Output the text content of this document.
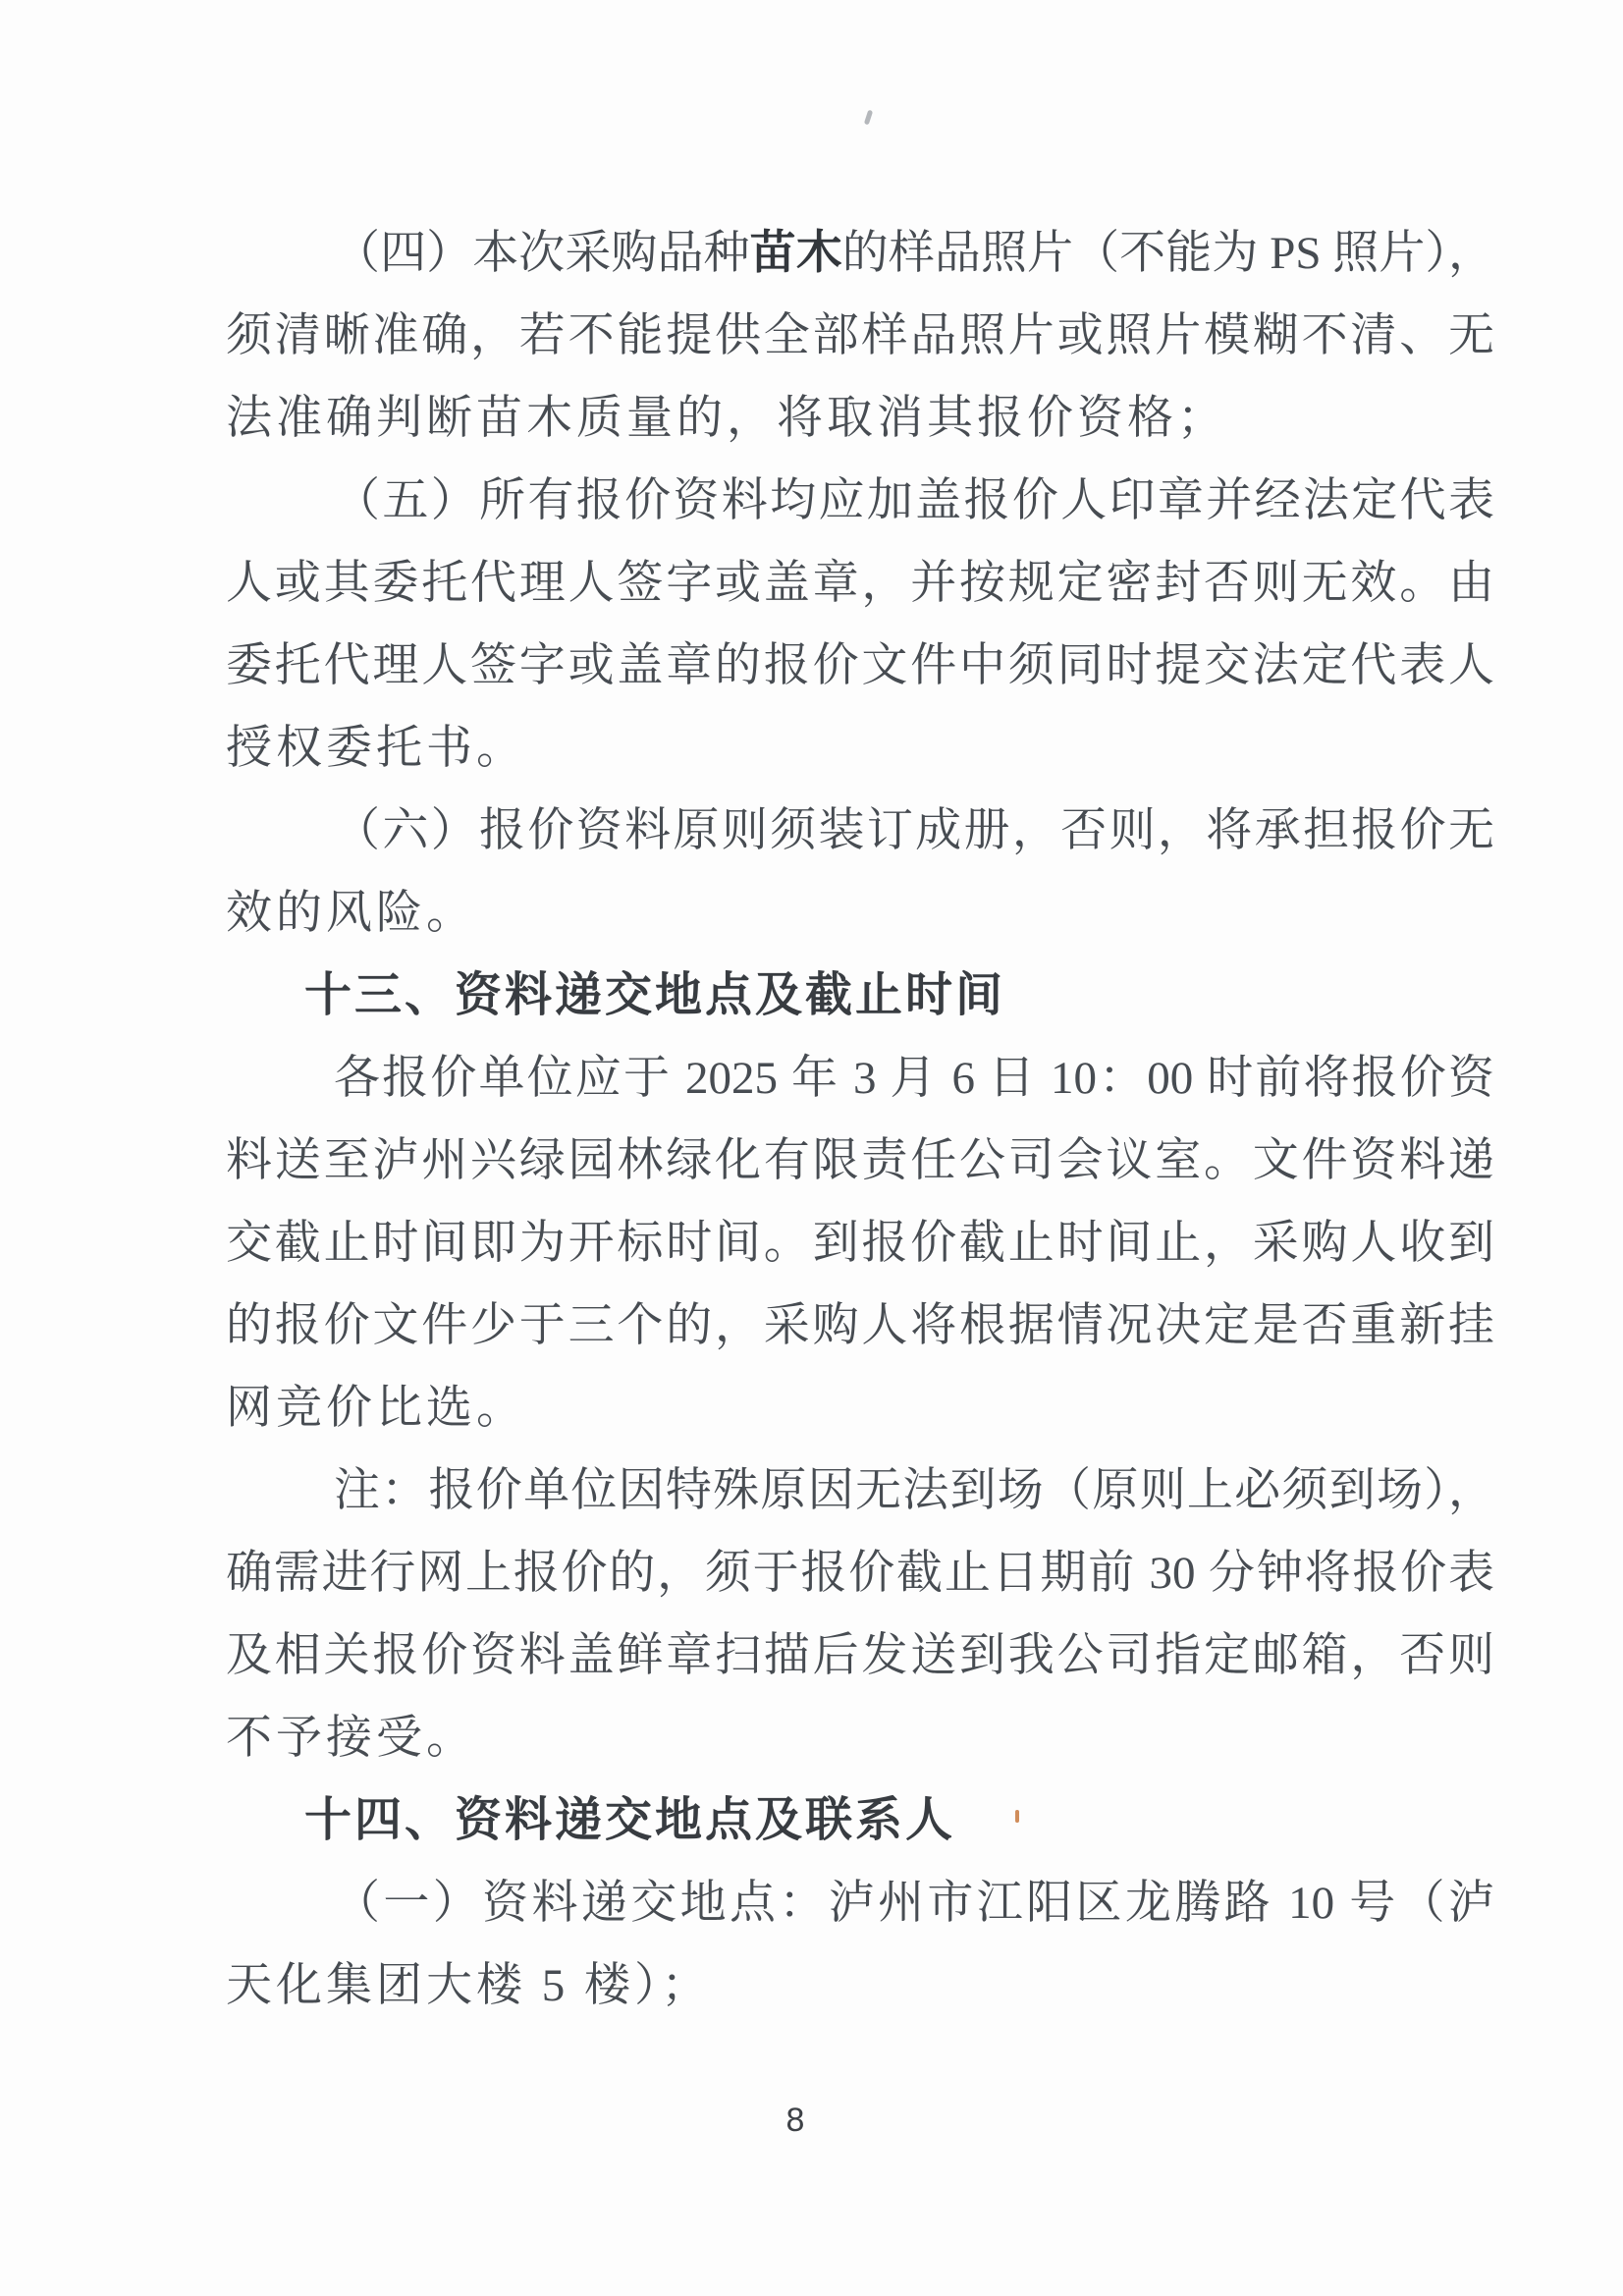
（四）本次采购品种苗木的样品照片（不能为 PS 照片），
须清晰准确，若不能提供全部样品照片或照片模糊不清、无
法准确判断苗木质量的，将取消其报价资格；
（五）所有报价资料均应加盖报价人印章并经法定代表
人或其委托代理人签字或盖章，并按规定密封否则无效。由
委托代理人签字或盖章的报价文件中须同时提交法定代表人
授权委托书。
（六）报价资料原则须装订成册，否则，将承担报价无
效的风险。
十三、资料递交地点及截止时间
各报价单位应于 2025 年 3 月 6 日 10：00 时前将报价资
料送至泸州兴绿园林绿化有限责任公司会议室。文件资料递
交截止时间即为开标时间。到报价截止时间止，采购人收到
的报价文件少于三个的，采购人将根据情况决定是否重新挂
网竞价比选。
注：报价单位因特殊原因无法到场（原则上必须到场），
确需进行网上报价的，须于报价截止日期前 30 分钟将报价表
及相关报价资料盖鲜章扫描后发送到我公司指定邮箱，否则
不予接受。
十四、资料递交地点及联系人
（一）资料递交地点：泸州市江阳区龙腾路 10 号（泸
天化集团大楼 5 楼）；
8
